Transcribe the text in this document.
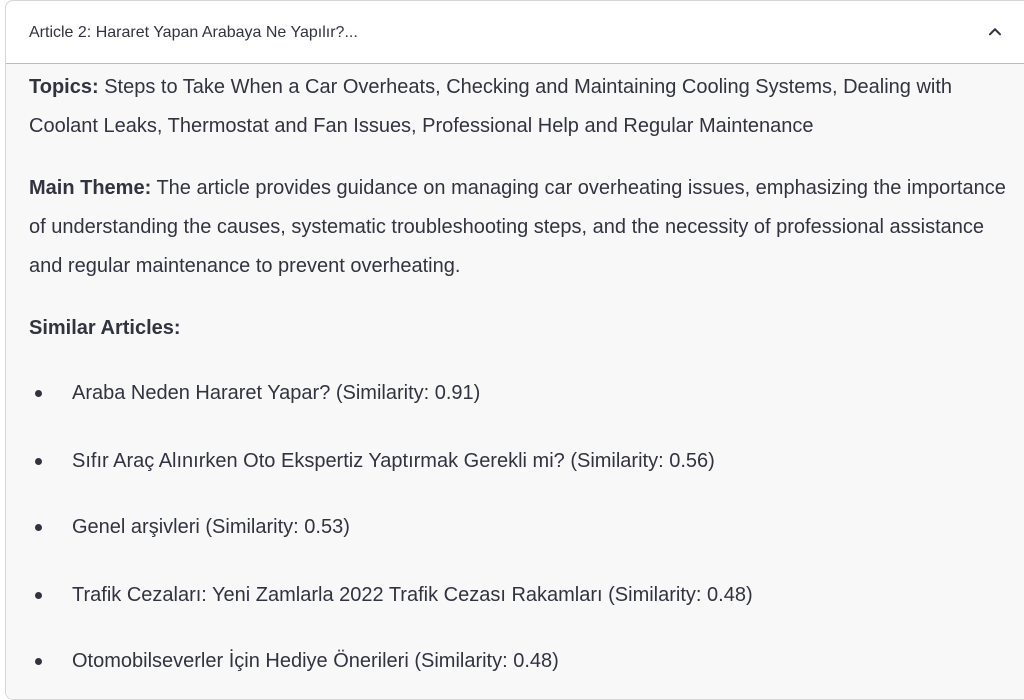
Article 2: Hararet Yapan Arabaya Ne Yapılır?...

Topics: Steps to Take When a Car Overheats, Checking and Maintaining Cooling Systems, Dealing with Coolant Leaks, Thermostat and Fan Issues, Professional Help and Regular Maintenance

Main Theme: The article provides guidance on managing car overheating issues, emphasizing the importance of understanding the causes, systematic troubleshooting steps, and the necessity of professional assistance and regular maintenance to prevent overheating.

Similar Articles:
Araba Neden Hararet Yapar? (Similarity: 0.91)
Sıfır Araç Alınırken Oto Ekspertiz Yaptırmak Gerekli mi? (Similarity: 0.56)
Genel arşivleri (Similarity: 0.53)
Trafik Cezaları: Yeni Zamlarla 2022 Trafik Cezası Rakamları (Similarity: 0.48)
Otomobilseverler İçin Hediye Önerileri (Similarity: 0.48)
